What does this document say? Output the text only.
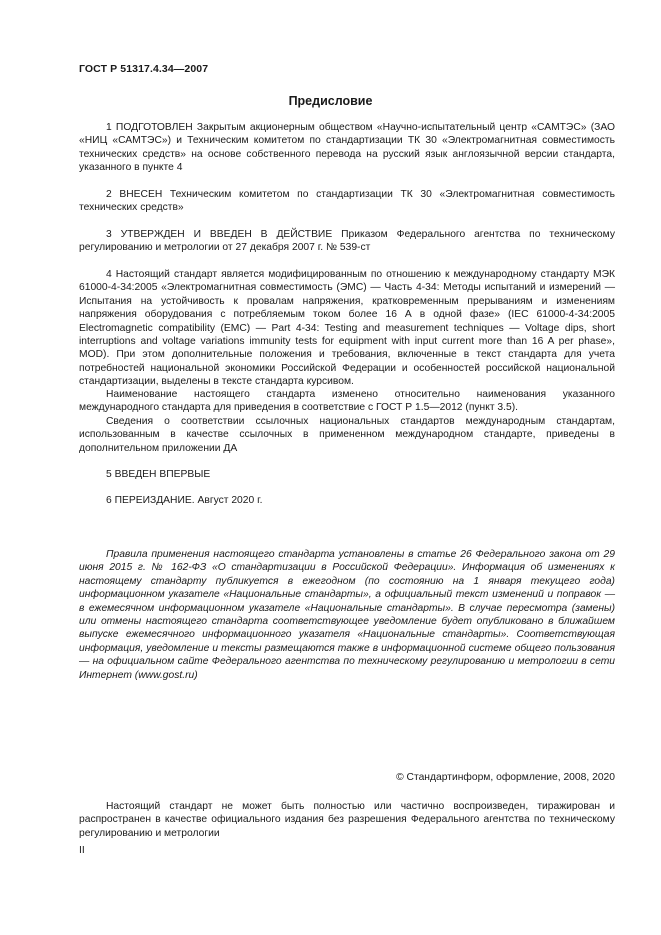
ГОСТ Р 51317.4.34—2007
Предисловие

1 ПОДГОТОВЛЕН Закрытым акционерным обществом «Научно-испытательный центр «САМТЭС» (ЗАО «НИЦ «САМТЭС») и Техническим комитетом по стандартизации ТК 30 «Электромагнитная совместимость технических средств» на основе собственного перевода на русский язык англоязычной версии стандарта, указанного в пункте 4

2 ВНЕСЕН Техническим комитетом по стандартизации ТК 30 «Электромагнитная совместимость технических средств»

3 УТВЕРЖДЕН И ВВЕДЕН В ДЕЙСТВИЕ Приказом Федерального агентства по техническому регулированию и метрологии от 27 декабря 2007 г. № 539-ст

4 Настоящий стандарт является модифицированным по отношению к международному стандарту МЭК 61000-4-34:2005 «Электромагнитная совместимость (ЭМС) — Часть 4-34: Методы испытаний и измерений — Испытания на устойчивость к провалам напряжения, кратковременным прерываниям и изменениям напряжения оборудования с потребляемым током более 16 А в одной фазе» (IEC 61000-4-34:2005 Electromagnetic compatibility (EMC) — Part 4-34: Testing and measurement techniques — Voltage dips, short interruptions and voltage variations immunity tests for equipment with input current more than 16 A per phase», MOD). При этом дополнительные положения и требования, включенные в текст стандарта для учета потребностей национальной экономики Российской Федерации и особенностей российской национальной стандартизации, выделены в тексте стандарта курсивом.

Наименование настоящего стандарта изменено относительно наименования указанного международного стандарта для приведения в соответствие с ГОСТ Р 1.5—2012 (пункт 3.5).

Сведения о соответствии ссылочных национальных стандартов международным стандартам, использованным в качестве ссылочных в примененном международном стандарте, приведены в дополнительном приложении ДА

5 ВВЕДЕН ВПЕРВЫЕ

6 ПЕРЕИЗДАНИЕ. Август 2020 г.

Правила применения настоящего стандарта установлены в статье 26 Федерального закона от 29 июня 2015 г. № 162-ФЗ «О стандартизации в Российской Федерации». Информация об изменениях к настоящему стандарту публикуется в ежегодном (по состоянию на 1 января текущего года) информационном указателе «Национальные стандарты», а официальный текст изменений и поправок — в ежемесячном информационном указателе «Национальные стандарты». В случае пересмотра (замены) или отмены настоящего стандарта соответствующее уведомление будет опубликовано в ближайшем выпуске ежемесячного информационного указателя «Национальные стандарты». Соответствующая информация, уведомление и тексты размещаются также в информационной системе общего пользования — на официальном сайте Федерального агентства по техническому регулированию и метрологии в сети Интернет (www.gost.ru)

© Стандартинформ, оформление, 2008, 2020

Настоящий стандарт не может быть полностью или частично воспроизведен, тиражирован и распространен в качестве официального издания без разрешения Федерального агентства по техническому регулированию и метрологии

II
